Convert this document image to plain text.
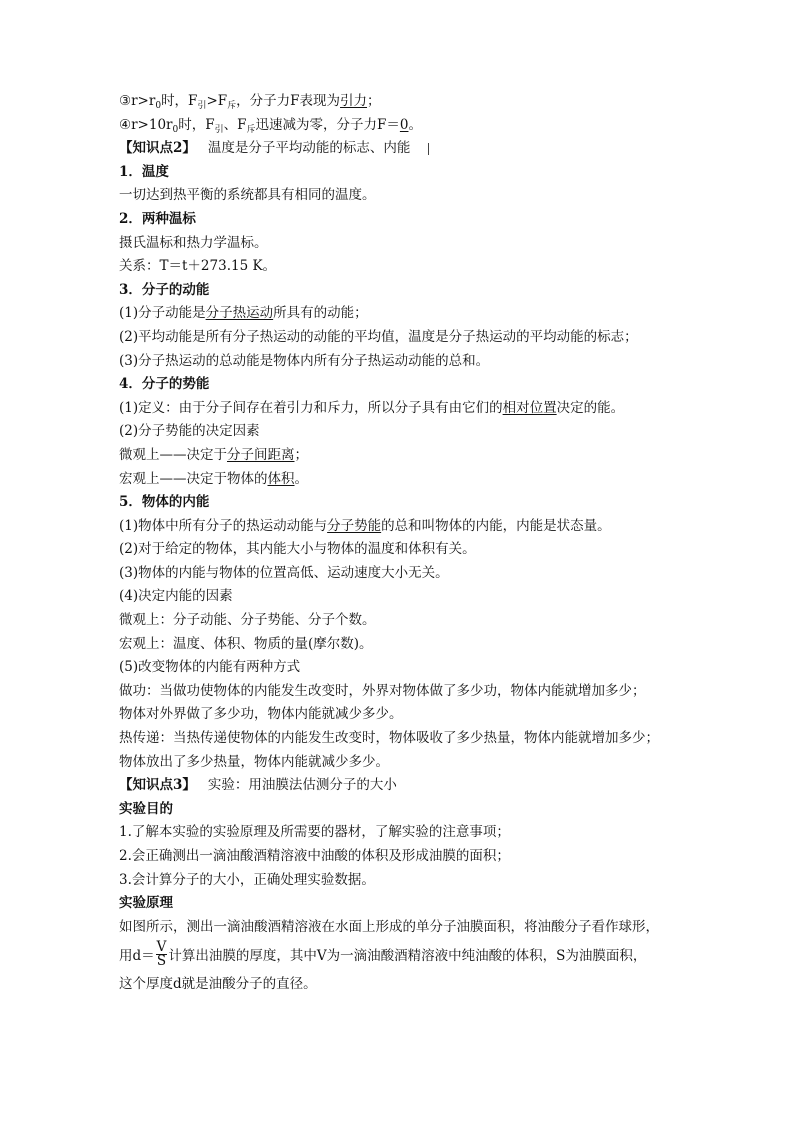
$③r>r_0$时，$F_引>F_斥$，分子力F表现为引力；
$④r>10r_0$时，$F_引$、$F_斥$迅速减为零，分子力F＝0。
【知识点2】 温度是分子平均动能的标志、内能
1．温度
一切达到热平衡的系统都具有相同的温度。
2．两种温标
摄氏温标和热力学温标。
关系：T＝t＋273.15 K。
3．分子的动能
(1)分子动能是分子热运动所具有的动能；
(2)平均动能是所有分子热运动的动能的平均值，温度是分子热运动的平均动能的标志；
(3)分子热运动的总动能是物体内所有分子热运动动能的总和。
4．分子的势能
(1)定义：由于分子间存在着引力和斥力，所以分子具有由它们的相对位置决定的能。
(2)分子势能的决定因素
微观上——决定于分子间距离；
宏观上——决定于物体的体积。
5．物体的内能
(1)物体中所有分子的热运动动能与分子势能的总和叫物体的内能，内能是状态量。
(2)对于给定的物体，其内能大小与物体的温度和体积有关。
(3)物体的内能与物体的位置高低、运动速度大小无关。
(4)决定内能的因素
微观上：分子动能、分子势能、分子个数。
宏观上：温度、体积、物质的量(摩尔数)。
(5)改变物体的内能有两种方式
做功：当做功使物体的内能发生改变时，外界对物体做了多少功，物体内能就增加多少；
物体对外界做了多少功，物体内能就减少多少。
热传递：当热传递使物体的内能发生改变时，物体吸收了多少热量，物体内能就增加多少；
物体放出了多少热量，物体内能就减少多少。
【知识点3】 实验：用油膜法估测分子的大小
实验目的
1.了解本实验的实验原理及所需要的器材，了解实验的注意事项；
2.会正确测出一滴油酸酒精溶液中油酸的体积及形成油膜的面积；
3.会计算分子的大小，正确处理实验数据。
实验原理
如图所示，测出一滴油酸酒精溶液在水面上形成的单分子油膜面积，将油酸分子看作球形，
用$d= \frac{V}{S}$ 计算出油膜的厚度，其中V为一滴油酸酒精溶液中纯油酸的体积，S为油膜面积，
这个厚度d就是油酸分子的直径。
